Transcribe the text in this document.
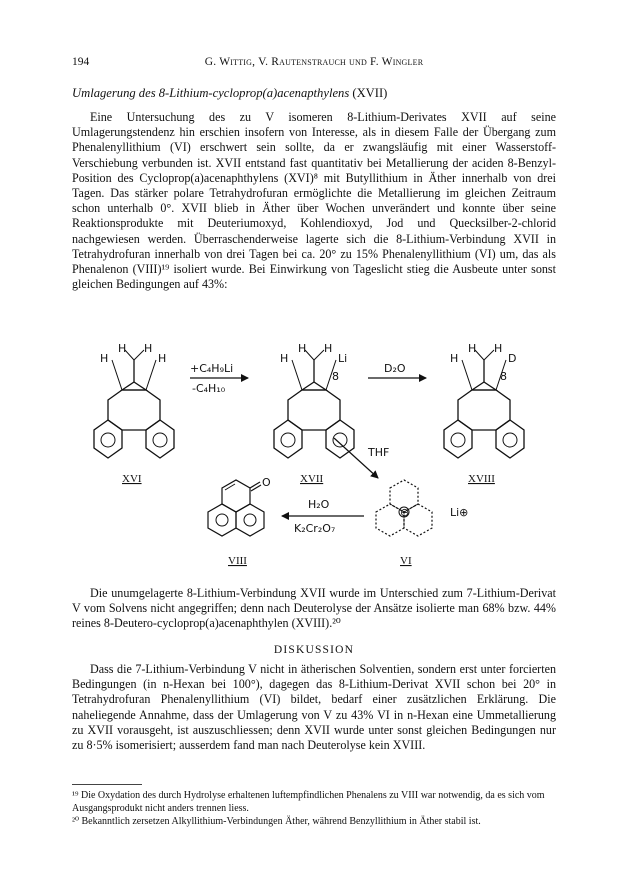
194	G. Wittig, V. Rautenstrauch und F. Wingler
Umlagerung des 8-Lithium-cycloprop(a)acenapthylens (XVII)

Eine Untersuchung des zu V isomeren 8-Lithium-Derivates XVII auf seine Umlagerungstendenz hin erschien insofern von Interesse, als in diesem Falle der Übergang zum Phenalenyllithium (VI) erschwert sein sollte, da er zwangsläufig mit einer Wasserstoff-Verschiebung verbunden ist. XVII entstand fast quantitativ bei Metallierung der aciden 8-Benzyl-Position des Cycloprop(a)acenaphthylens (XVI)⁸ mit Butyllithium in Äther innerhalb von drei Tagen. Das stärker polare Tetrahydrofuran ermöglichte die Metallierung im gleichen Zeitraum schon unterhalb 0°. XVII blieb in Äther über Wochen unverändert und konnte über seine Reaktionsprodukte mit Deuteriumoxyd, Kohlendioxyd, Jod und Quecksilber-2-chlorid nachgewiesen werden. Überraschenderweise lagerte sich die 8-Lithium-Verbindung XVII in Tetrahydrofuran innerhalb von drei Tagen bei ca. 20° zu 15% Phenalenyllithium (VI) um, das als Phenalenon (VIII)¹⁹ isoliert wurde. Bei Einwirkung von Tageslicht stieg die Ausbeute unter sonst gleichen Bedingungen auf 43%:

H H
H	H
XVI
+C₄H₉Li
-C₄H₁₀
H H
H	Li
8
XVII
D₂O
H H
H	D
8
XVIII
THF
⊖	Li⊕
VI
H₂O
K₂Cr₂O₇
O
VIII

Die unumgelagerte 8-Lithium-Verbindung XVII wurde im Unterschied zum 7-Lithium-Derivat V vom Solvens nicht angegriffen; denn nach Deuterolyse der Ansätze isolierte man 68% bzw. 44% reines 8-Deutero-cycloprop(a)acenaphthylen (XVIII).²⁰

DISKUSSION

Dass die 7-Lithium-Verbindung V nicht in ätherischen Solventien, sondern erst unter forcierten Bedingungen (in n-Hexan bei 100°), dagegen das 8-Lithium-Derivat XVII schon bei 20° in Tetrahydrofuran Phenalenyllithium (VI) bildet, bedarf einer zusätzlichen Erklärung. Die naheliegende Annahme, dass der Umlagerung von V zu 43% VI in n-Hexan eine Ummetallierung zu XVII vorausgeht, ist auszuschliessen; denn XVII wurde unter sonst gleichen Bedingungen nur zu 8·5% isomerisiert; ausserdem fand man nach Deuterolyse kein XVIII.

¹⁹ Die Oxydation des durch Hydrolyse erhaltenen luftempfindlichen Phenalens zu VIII war notwendig, da es sich vom Ausgangsprodukt nicht anders trennen liess.

²⁰ Bekanntlich zersetzen Alkyllithium-Verbindungen Äther, während Benzyllithium in Äther stabil ist.
